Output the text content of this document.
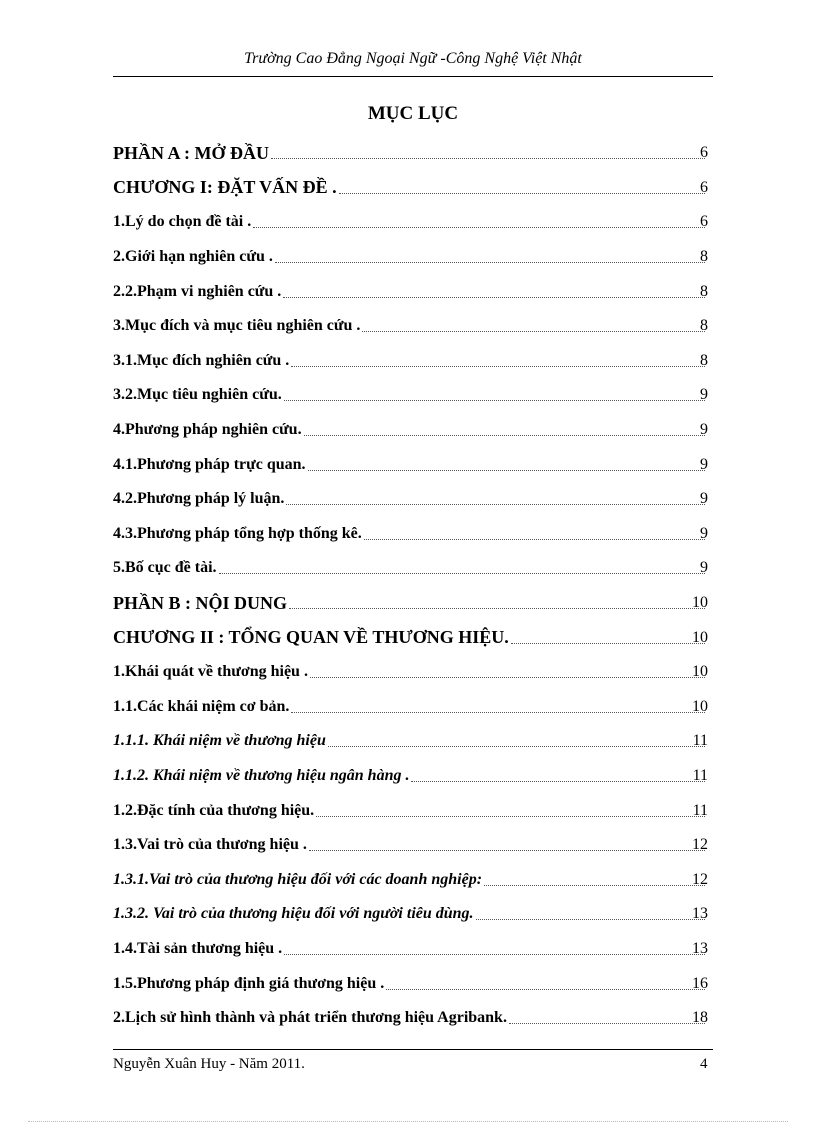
Trường Cao Đẳng Ngoại Ngữ -Công Nghệ Việt Nhật
MỤC LỤC
PHẦN A : MỞ ĐẦU	6
CHƯƠNG I: ĐẶT VẤN ĐỀ .	6
1.Lý do chọn đề tài .	6
2.Giới hạn nghiên cứu .	8
2.2.Phạm vi nghiên cứu .	8
3.Mục đích và mục tiêu nghiên cứu .	8
3.1.Mục đích nghiên cứu .	8
3.2.Mục tiêu nghiên cứu.	9
4.Phương pháp nghiên cứu.	9
4.1.Phương pháp trực quan.	9
4.2.Phương pháp lý luận.	9
4.3.Phương pháp tổng hợp thống kê.	9
5.Bố cục đề tài.	9
PHẦN B : NỘI DUNG	10
CHƯƠNG II : TỔNG QUAN VỀ THƯƠNG HIỆU.	10
1.Khái quát về thương hiệu .	10
1.1.Các khái niệm cơ bản.	10
1.1.1. Khái niệm về thương hiệu	11
1.1.2. Khái niệm về thương hiệu ngân hàng .	11
1.2.Đặc tính của thương hiệu.	11
1.3.Vai trò của thương hiệu .	12
1.3.1.Vai trò của thương hiệu đối với các doanh nghiệp:	12
1.3.2. Vai trò của thương hiệu đối với người tiêu dùng.	13
1.4.Tài sản thương hiệu .	13
1.5.Phương pháp định giá thương hiệu .	16
2.Lịch sử hình thành và phát triển thương hiệu Agribank.	18
Nguyễn Xuân Huy - Năm 2011.	4
